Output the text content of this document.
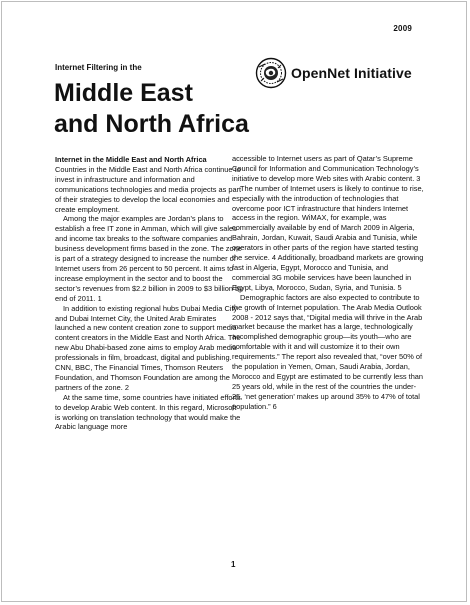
2009
Internet Filtering in the
Middle East
and North Africa
OpenNet Initiative
Internet in the Middle East and North Africa

Countries in the Middle East and North Africa continue to invest in infrastructure and information and communications technologies and media projects as part of their strategies to develop the local economies and create employment.

Among the major examples are Jordan’s plans to establish a free IT zone in Amman, which will give sales and income tax breaks to the software companies and business development firms based in the zone. The zone is part of a strategy designed to increase the number of Internet users from 26 percent to 50 percent. It aims to increase employment in the sector and to boost the sector’s revenues from $2.2 billion in 2009 to $3 billion by end of 2011. 1

In addition to existing regional hubs Dubai Media City and Dubai Internet City, the United Arab Emirates launched a new content creation zone to support media content creators in the Middle East and North Africa. The new Abu Dhabi-based zone aims to employ Arab media professionals in film, broadcast, digital and publishing. CNN, BBC, The Financial Times, Thomson Reuters Foundation, and Thomson Foundation are among the partners of the zone. 2

At the same time, some countries have initiated efforts to develop Arabic Web content. In this regard, Microsoft is working on translation technology that would make the Arabic language more

accessible to Internet users as part of Qatar’s Supreme Council for Information and Communication Technology’s initiative to develop more Web sites with Arabic content. 3

The number of Internet users is likely to continue to rise, especially with the introduction of technologies that overcome poor ICT infrastructure that hinders Internet access in the region. WiMAX, for example, was commercially available by end of March 2009 in Algeria, Bahrain, Jordan, Kuwait, Saudi Arabia and Tunisia, while operators in other parts of the region have started testing the service. 4 Additionally, broadband markets are growing fast in Algeria, Egypt, Morocco and Tunisia, and commercial 3G mobile services have been launched in Egypt, Libya, Morocco, Sudan, Syria, and Tunisia. 5

Demographic factors are also expected to contribute to the growth of Internet population. The Arab Media Outlook 2008 - 2012 says that, “Digital media will thrive in the Arab market because the market has a large, technologically accomplished demographic group—its youth—who are comfortable with it and will customize it to their own requirements.” The report also revealed that, “over 50% of the population in Yemen, Oman, Saudi Arabia, Jordan, Morocco and Egypt are estimated to be currently less than 25 years old, while in the rest of the countries the under-25, ‘net generation’ makes up around 35% to 47% of total population.” 6

1
